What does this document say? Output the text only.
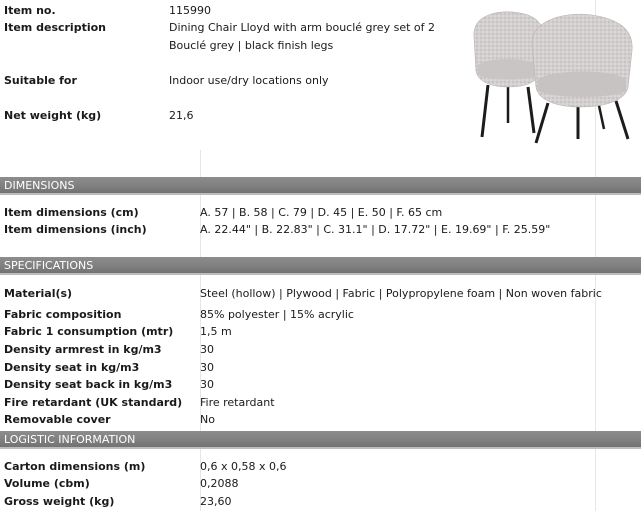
Item no.	115990
Item description	Dining Chair Lloyd with arm bouclé grey set of 2
Bouclé grey | black finish legs
Suitable for	Indoor use/dry locations only
Net weight (kg)	21,6
DIMENSIONS
Item dimensions (cm)	A. 57 | B. 58 | C. 79 | D. 45 | E. 50 | F. 65 cm
Item dimensions (inch)	A. 22.44" | B. 22.83" | C. 31.1" | D. 17.72" | E. 19.69" | F. 25.59"
SPECIFICATIONS
Material(s)	Steel (hollow) | Plywood | Fabric | Polypropylene foam | Non woven fabric
Fabric composition	85% polyester | 15% acrylic
Fabric 1 consumption (mtr) 1,5 m
Density armrest in kg/m3	30
Density seat in kg/m3	30
Density seat back in kg/m3	30
Fire retardant (UK standard) Fire retardant
Removable cover	No
LOGISTIC INFORMATION
Carton dimensions (m)	0,6 x 0,58 x 0,6
Volume (cbm)	0,2088
Gross weight (kg)	23,60
